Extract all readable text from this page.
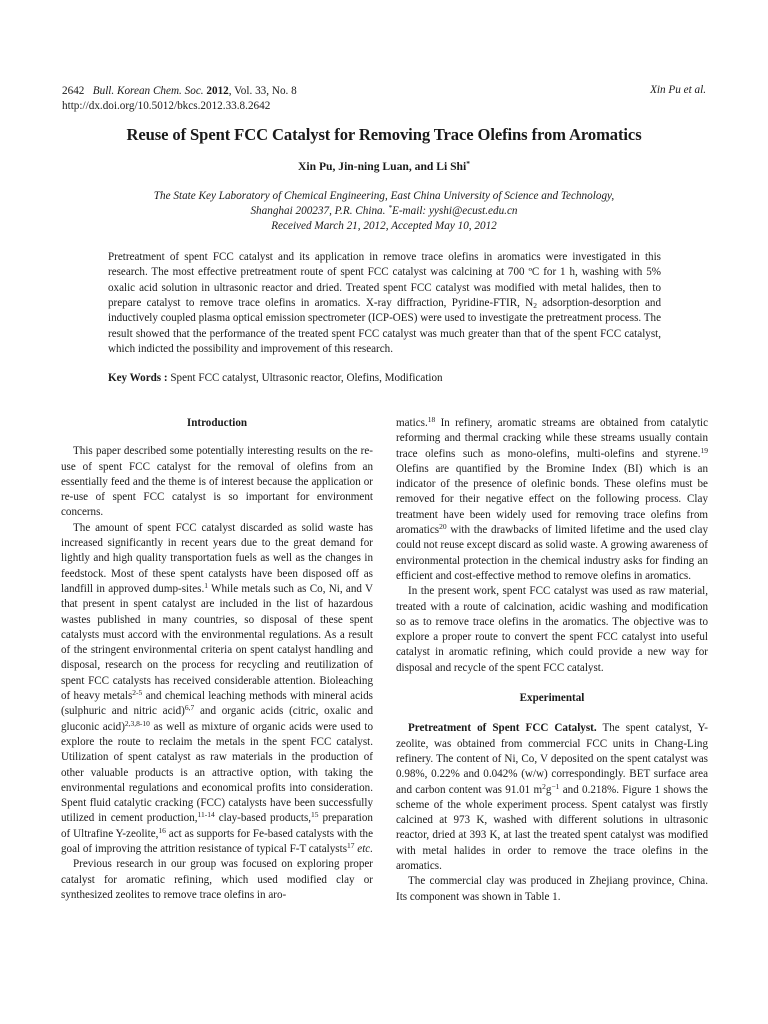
2642 Bull. Korean Chem. Soc. 2012, Vol. 33, No. 8
http://dx.doi.org/10.5012/bkcs.2012.33.8.2642
Xin Pu et al.
Reuse of Spent FCC Catalyst for Removing Trace Olefins from Aromatics
Xin Pu, Jin-ning Luan, and Li Shi*
The State Key Laboratory of Chemical Engineering, East China University of Science and Technology,
Shanghai 200237, P.R. China. *E-mail: yyshi@ecust.edu.cn
Received March 21, 2012, Accepted May 10, 2012

Pretreatment of spent FCC catalyst and its application in remove trace olefins in aromatics were investigated in this research. The most effective pretreatment route of spent FCC catalyst was calcining at 700 ºC for 1 h, washing with 5% oxalic acid solution in ultrasonic reactor and dried. Treated spent FCC catalyst was modified with metal halides, then to prepare catalyst to remove trace olefins in aromatics. X-ray diffraction, Pyridine-FTIR, $N_2$ adsorption-desorption and inductively coupled plasma optical emission spectrometer (ICP-OES) were used to investigate the pretreatment process. The result showed that the performance of the treated spent FCC catalyst was much greater than that of the spent FCC catalyst, which indicted the possibility and improvement of this research.

Key Words : Spent FCC catalyst, Ultrasonic reactor, Olefins, Modification
Introduction

This paper described some potentially interesting results on the re-use of spent FCC catalyst for the removal of olefins from an essentially feed and the theme is of interest because the application or re-use of spent FCC catalyst is so important for environment concerns.

The amount of spent FCC catalyst discarded as solid waste has increased significantly in recent years due to the great demand for lightly and high quality transportation fuels as well as the changes in feedstock. Most of these spent catalysts have been disposed off as landfill in approved dump-sites.$^1$ While metals such as Co, Ni, and V that present in spent catalyst are included in the list of hazardous wastes published in many countries, so disposal of these spent catalysts must accord with the environmental regulations. As a result of the stringent environmental criteria on spent catalyst handling and disposal, research on the process for recycling and reutilization of spent FCC catalysts has received considerable attention. Bioleaching of heavy metals$^{2-5}$ and chemical leaching methods with mineral acids (sulphuric and nitric acid)$^{6,7}$ and organic acids (citric, oxalic and gluconic acid)$^{2,3,8-10}$ as well as mixture of organic acids were used to explore the route to reclaim the metals in the spent FCC catalyst. Utilization of spent catalyst as raw materials in the production of other valuable products is an attractive option, with taking the environmental regulations and economical profits into consideration. Spent fluid catalytic cracking (FCC) catalysts have been successfully utilized in cement production,$^{11-14}$ clay-based products,$^{15}$ preparation of Ultrafine Y-zeolite,$^{16}$ act as supports for Fe-based catalysts with the goal of improving the attrition resistance of typical F-T catalysts$^{17}$ etc.

Previous research in our group was focused on exploring proper catalyst for aromatic refining, which used modified clay or synthesized zeolites to remove trace olefins in aro-

matics.$^{18}$ In refinery, aromatic streams are obtained from catalytic reforming and thermal cracking while these streams usually contain trace olefins such as mono-olefins, multi-olefins and styrene.$^{19}$ Olefins are quantified by the Bromine Index (BI) which is an indicator of the presence of olefinic bonds. These olefins must be removed for their negative effect on the following process. Clay treatment have been widely used for removing trace olefins from aromatics$^{20}$ with the drawbacks of limited lifetime and the used clay could not reuse except discard as solid waste. A growing awareness of environmental protection in the chemical industry asks for finding an efficient and cost-effective method to remove olefins in aromatics.

In the present work, spent FCC catalyst was used as raw material, treated with a route of calcination, acidic washing and modification so as to remove trace olefins in the aromatics. The objective was to explore a proper route to convert the spent FCC catalyst into useful catalyst in aromatic refining, which could provide a new way for disposal and recycle of the spent FCC catalyst.

Experimental

Pretreatment of Spent FCC Catalyst. The spent catalyst, Y-zeolite, was obtained from commercial FCC units in Chang-Ling refinery. The content of Ni, Co, V deposited on the spent catalyst was 0.98%, 0.22% and 0.042% (w/w) correspondingly. BET surface area and carbon content was 91.01 $m^2g^{-1}$ and 0.218%. Figure 1 shows the scheme of the whole experiment process. Spent catalyst was firstly calcined at 973 K, washed with different solutions in ultrasonic reactor, dried at 393 K, at last the treated spent catalyst was modified with metal halides in order to remove the trace olefins in the aromatics.

The commercial clay was produced in Zhejiang province, China. Its component was shown in Table 1.
